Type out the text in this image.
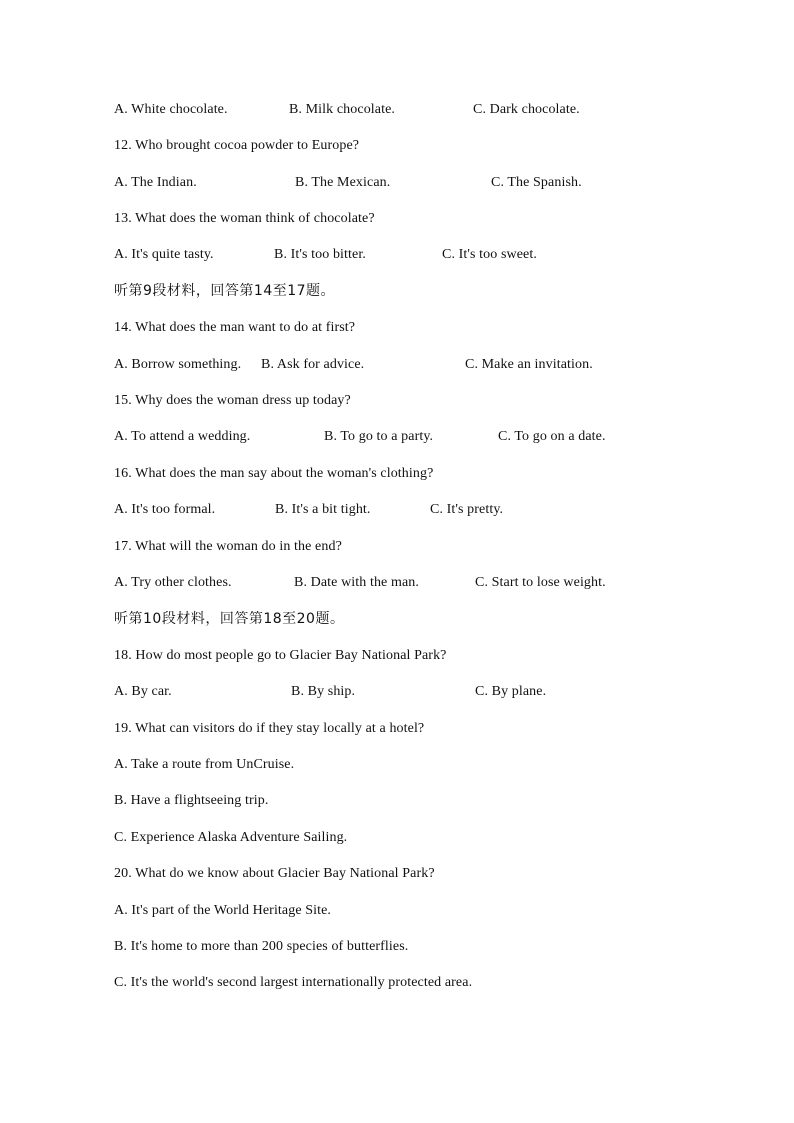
A. White chocolate.	B. Milk chocolate.	C. Dark chocolate.
12. Who brought cocoa powder to Europe?
A. The Indian.	B. The Mexican.	C. The Spanish.
13. What does the woman think of chocolate?
A. It's quite tasty.	B. It's too bitter.	C. It's too sweet.
听第9段材料，回答第14至17题。
14. What does the man want to do at first?
A. Borrow something. B. Ask for advice.	C. Make an invitation.
15. Why does the woman dress up today?
A. To attend a wedding.	B. To go to a party.	C. To go on a date.
16. What does the man say about the woman's clothing?
A. It's too formal.	B. It's a bit tight.	C. It's pretty.
17. What will the woman do in the end?
A. Try other clothes.	B. Date with the man.	C. Start to lose weight.
听第10段材料，回答第18至20题。
18. How do most people go to Glacier Bay National Park?
A. By car.	B. By ship.	C. By plane.
19. What can visitors do if they stay locally at a hotel?
A. Take a route from UnCruise.
B. Have a flightseeing trip.
C. Experience Alaska Adventure Sailing.
20. What do we know about Glacier Bay National Park?
A. It's part of the World Heritage Site.
B. It's home to more than 200 species of butterflies.
C. It's the world's second largest internationally protected area.
